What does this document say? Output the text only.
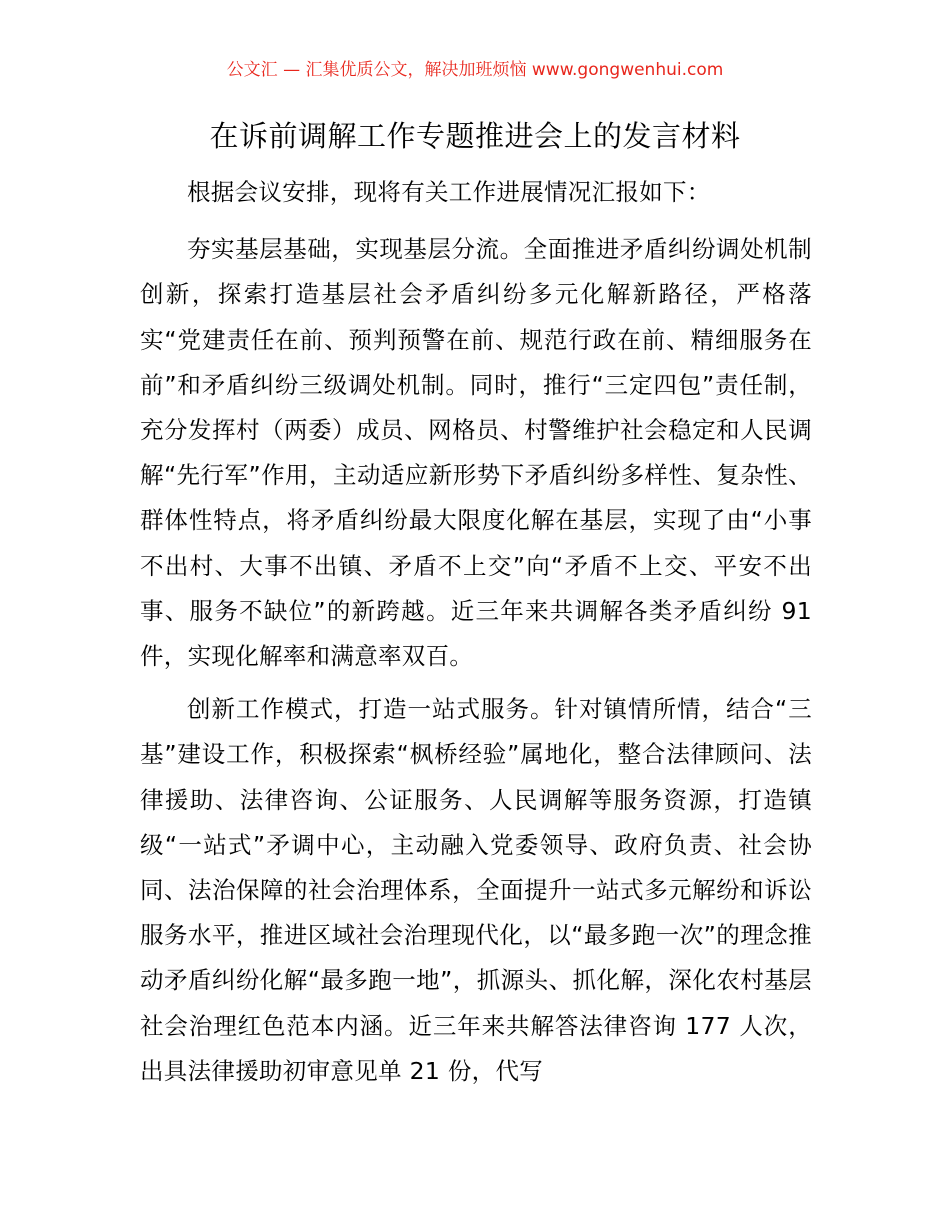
公文汇 — 汇集优质公文，解决加班烦恼 www.gongwenhui.com
在诉前调解工作专题推进会上的发言材料

根据会议安排，现将有关工作进展情况汇报如下：

夯实基层基础，实现基层分流。全面推进矛盾纠纷调处机制创新，探索打造基层社会矛盾纠纷多元化解新路径，严格落实“党建责任在前、预判预警在前、规范行政在前、精细服务在前”和矛盾纠纷三级调处机制。同时，推行“三定四包”责任制，充分发挥村（两委）成员、网格员、村警维护社会稳定和人民调解“先行军”作用，主动适应新形势下矛盾纠纷多样性、复杂性、群体性特点，将矛盾纠纷最大限度化解在基层，实现了由“小事不出村、大事不出镇、矛盾不上交”向“矛盾不上交、平安不出事、服务不缺位”的新跨越。近三年来共调解各类矛盾纠纷 91 件，实现化解率和满意率双百。

创新工作模式，打造一站式服务。针对镇情所情，结合“三基”建设工作，积极探索“枫桥经验”属地化，整合法律顾问、法律援助、法律咨询、公证服务、人民调解等服务资源，打造镇级“一站式”矛调中心，主动融入党委领导、政府负责、社会协同、法治保障的社会治理体系，全面提升一站式多元解纷和诉讼服务水平，推进区域社会治理现代化，以“最多跑一次”的理念推动矛盾纠纷化解“最多跑一地”，抓源头、抓化解，深化农村基层社会治理红色范本内涵。近三年来共解答法律咨询 177 人次，出具法律援助初审意见单 21 份，代写
